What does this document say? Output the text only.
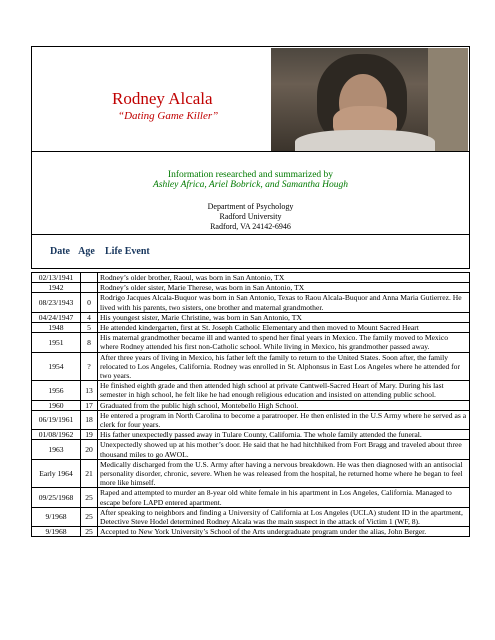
Rodney Alcala
“Dating Game Killer”
Information researched and summarized by
Ashley Africa, Ariel Bobrick, and Samantha Hough
Department of Psychology
Radford University
Radford, VA 24142-6946
Date Age	Life Event
02/13/1941		Rodney’s older brother, Raoul, was born in San Antonio, TX
1942		Rodney’s older sister, Marie Therese, was born in San Antonio, TX
08/23/1943	0	Rodrigo Jacques Alcala-Buquor was born in San Antonio, Texas to Raou Alcala-Buquor and Anna Maria Gutierrez. He lived with his parents, two sisters, one brother and maternal grandmother.
04/24/1947	4	His youngest sister, Marie Christine, was born in San Antonio, TX
1948	5	He attended kindergarten, first at St. Joseph Catholic Elementary and then moved to Mount Sacred Heart
1951	8	His maternal grandmother became ill and wanted to spend her final years in Mexico. The family moved to Mexico where Rodney attended his first non-Catholic school. While living in Mexico, his grandmother passed away.
1954	?	After three years of living in Mexico, his father left the family to return to the United States. Soon after, the family relocated to Los Angeles, California. Rodney was enrolled in St. Alphonsus in East Los Angeles where he attended for two years.
1956	13	He finished eighth grade and then attended high school at private Cantwell-Sacred Heart of Mary. During his last semester in high school, he felt like he had enough religious education and insisted on attending public school.
1960	17	Graduated from the public high school, Montebello High School.
06/19/1961	18	He entered a program in North Carolina to become a paratrooper. He then enlisted in the U.S Army where he served as a clerk for four years.
01/08/1962	19	His father unexpectedly passed away in Tulare County, California. The whole family attended the funeral.
1963	20	Unexpectedly showed up at his mother’s door. He said that he had hitchhiked from Fort Bragg and traveled about three thousand miles to go AWOL.
Early 1964	21	Medically discharged from the U.S. Army after having a nervous breakdown. He was then diagnosed with an antisocial personality disorder, chronic, severe. When he was released from the hospital, he returned home where he began to feel more like himself.
09/25/1968	25	Raped and attempted to murder an 8-year old white female in his apartment in Los Angeles, California. Managed to escape before LAPD entered apartment.
9/1968	25	After speaking to neighbors and finding a University of California at Los Angeles (UCLA) student ID in the apartment, Detective Steve Hodel determined Rodney Alcala was the main suspect in the attack of Victim 1 (WF, 8).
9/1968	25	Accepted to New York University’s School of the Arts undergraduate program under the alias, John Berger.
